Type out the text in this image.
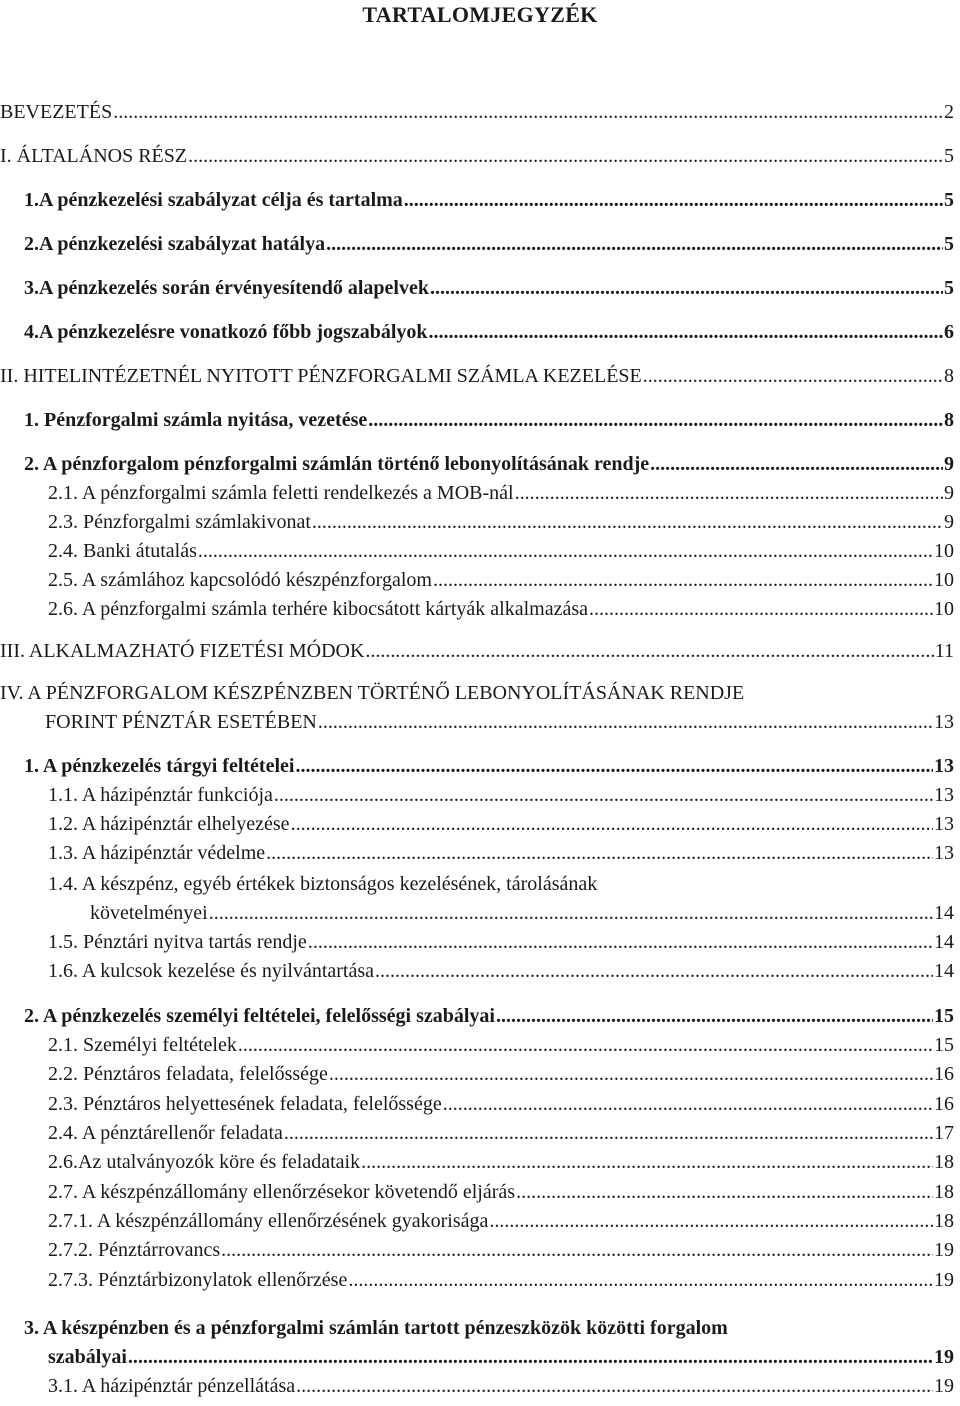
TARTALOMJEGYZÉK
BEVEZETÉS .....	2
I. ÁLTALÁNOS RÉSZ .....	5
1.A pénzkezelési szabályzat célja és tartalma .....	5
2.A pénzkezelési szabályzat hatálya .....	5
3.A pénzkezelés során érvényesítendő alapelvek .....	5
4.A pénzkezelésre vonatkozó főbb jogszabályok .....	6
II. HITELINTÉZETNÉL NYITOTT PÉNZFORGALMI SZÁMLA KEZELÉSE .....	8
1. Pénzforgalmi számla nyitása, vezetése .....	8
2. A pénzforgalom pénzforgalmi számlán történő lebonyolításának rendje .....	9
2.1. A pénzforgalmi számla feletti rendelkezés a MOB-nál .....	9
2.3. Pénzforgalmi számlakivonat .....	9
2.4. Banki átutalás .....	10
2.5. A számlához kapcsolódó készpénzforgalom .....	10
2.6. A pénzforgalmi számla terhére kibocsátott kártyák alkalmazása .....	10
III. ALKALMAZHATÓ FIZETÉSI MÓDOK .....	11
IV. A PÉNZFORGALOM KÉSZPÉNZBEN TÖRTÉNŐ LEBONYOLÍTÁSÁNAK RENDJE
FORINT PÉNZTÁR ESETÉBEN .....	13
1. A pénzkezelés tárgyi feltételei .....	13
1.1. A házipénztár funkciója .....	13
1.2. A házipénztár elhelyezése .....	13
1.3. A házipénztár védelme .....	13
1.4. A készpénz, egyéb értékek biztonságos kezelésének, tárolásának
követelményei .....	14
1.5. Pénztári nyitva tartás rendje .....	14
1.6. A kulcsok kezelése és nyilvántartása .....	14
2. A pénzkezelés személyi feltételei, felelősségi szabályai .....	15
2.1. Személyi feltételek .....	15
2.2. Pénztáros feladata, felelőssége .....	16
2.3. Pénztáros helyettesének feladata, felelőssége .....	16
2.4. A pénztárellenőr feladata .....	17
2.6.Az utalványozók köre és feladataik .....	18
2.7. A készpénzállomány ellenőrzésekor követendő eljárás .....	18
2.7.1. A készpénzállomány ellenőrzésének gyakorisága .....	18
2.7.2. Pénztárrovancs .....	19
2.7.3. Pénztárbizonylatok ellenőrzése .....	19
3. A készpénzben és a pénzforgalmi számlán tartott pénzeszközök közötti forgalom
szabályai .....	19
3.1. A házipénztár pénzellátása .....	19
